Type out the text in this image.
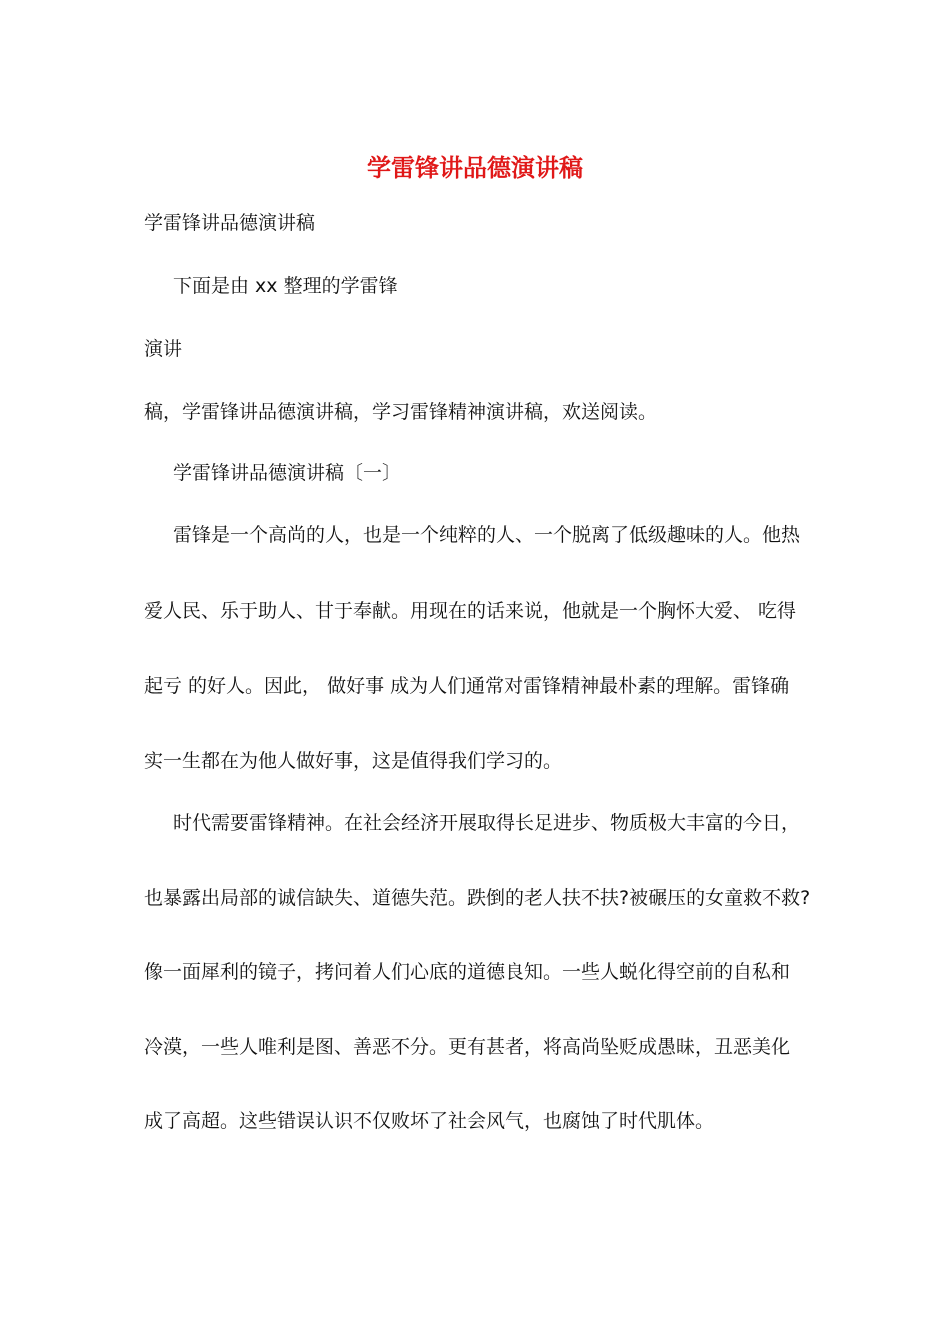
学雷锋讲品德演讲稿
学雷锋讲品德演讲稿
下面是由 xx 整理的学雷锋
演讲
稿，学雷锋讲品德演讲稿，学习雷锋精神演讲稿，欢送阅读。
学雷锋讲品德演讲稿〔一〕
雷锋是一个高尚的人，也是一个纯粹的人、一个脱离了低级趣味的人。他热
爱人民、乐于助人、甘于奉献。用现在的话来说，他就是一个胸怀大爱、 吃得
起亏 的好人。因此， 做好事 成为人们通常对雷锋精神最朴素的理解。雷锋确
实一生都在为他人做好事，这是值得我们学习的。
时代需要雷锋精神。在社会经济开展取得长足进步、物质极大丰富的今日，
也暴露出局部的诚信缺失、道德失范。跌倒的老人扶不扶?被碾压的女童救不救?
像一面犀利的镜子，拷问着人们心底的道德良知。一些人蜕化得空前的自私和
冷漠，一些人唯利是图、善恶不分。更有甚者，将高尚坠贬成愚昧，丑恶美化
成了高超。这些错误认识不仅败坏了社会风气，也腐蚀了时代肌体。
